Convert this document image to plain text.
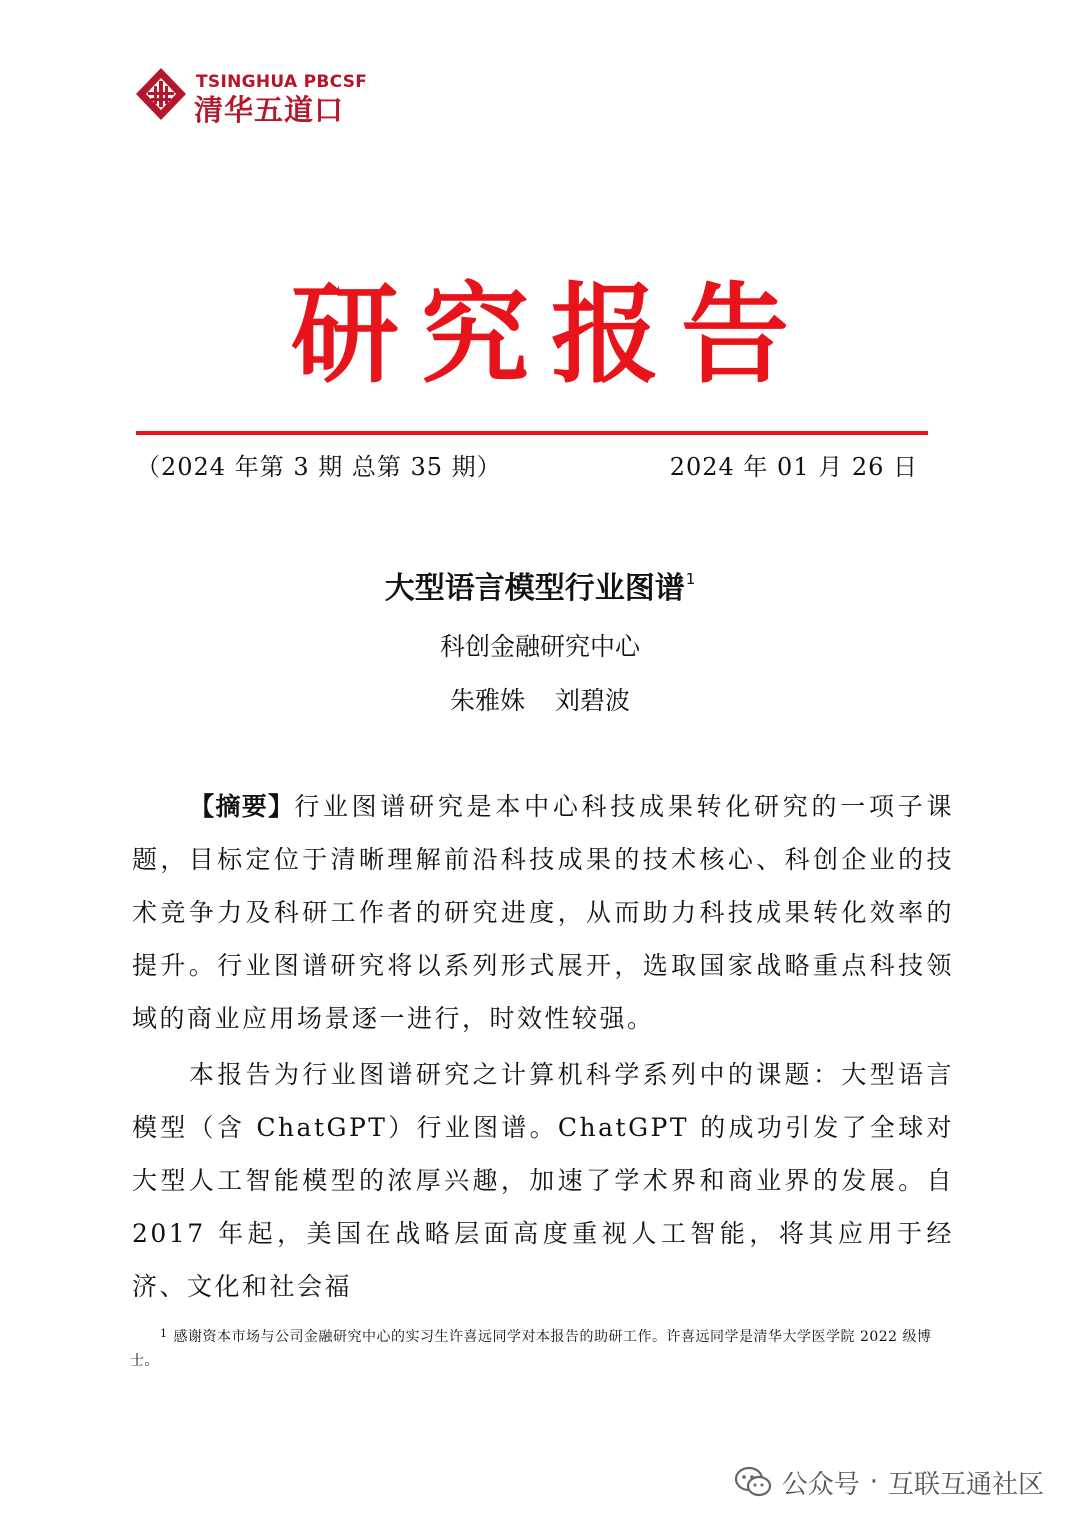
TSINGHUA PBCSF
清华五道口
研究报告
（2024 年第 3 期 总第 35 期）	2024 年 01 月 26 日
大型语言模型行业图谱$^1$
科创金融研究中心
朱雅姝 刘碧波
【摘要】行业图谱研究是本中心科技成果转化研究的一项子课题，目标定位于清晰理解前沿科技成果的技术核心、科创企业的技术竞争力及科研工作者的研究进度，从而助力科技成果转化效率的提升。行业图谱研究将以系列形式展开，选取国家战略重点科技领域的商业应用场景逐一进行，时效性较强。
本报告为行业图谱研究之计算机科学系列中的课题：大型语言模型（含 ChatGPT）行业图谱。ChatGPT 的成功引发了全球对大型人工智能模型的浓厚兴趣，加速了学术界和商业界的发展。自 2017 年起，美国在战略层面高度重视人工智能，将其应用于经济、文化和社会福
$^1$ 感谢资本市场与公司金融研究中心的实习生许喜远同学对本报告的助研工作。许喜远同学是清华大学医学院 2022 级博士。
公众号 · 互联互通社区
